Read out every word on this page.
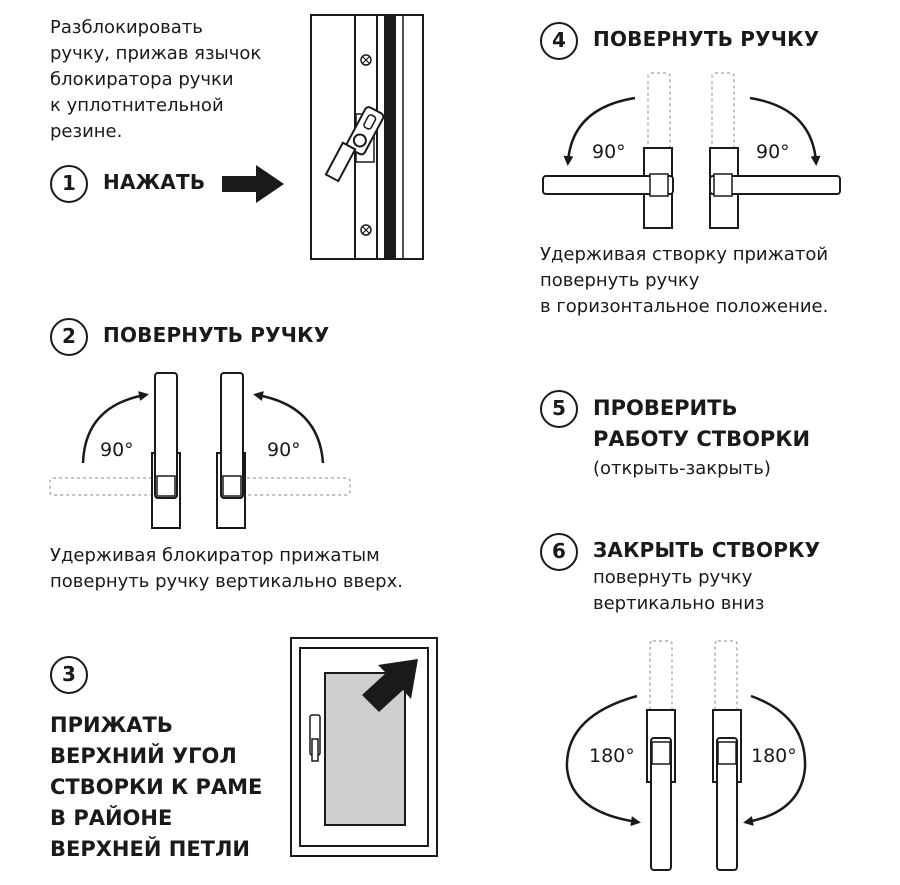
Разблокировать
ручку, прижав язычок
блокиратора ручки
к уплотнительной
резине.
1	НАЖАТЬ
2	ПОВЕРНУТЬ РУЧКУ
90°	90°
Удерживая блокиратор прижатым
повернуть ручку вертикально вверх.
3
ПРИЖАТЬ
ВЕРХНИЙ УГОЛ
СТВОРКИ К РАМЕ
В РАЙОНЕ
ВЕРХНЕЙ ПЕТЛИ
4	ПОВЕРНУТЬ РУЧКУ
90°	90°
Удерживая створку прижатой
повернуть ручку
в горизонтальное положение.
5	ПРОВЕРИТЬ
РАБОТУ СТВОРКИ
(открыть-закрыть)
6	ЗАКРЫТЬ СТВОРКУ
повернуть ручку
вертикально вниз
180°	180°
